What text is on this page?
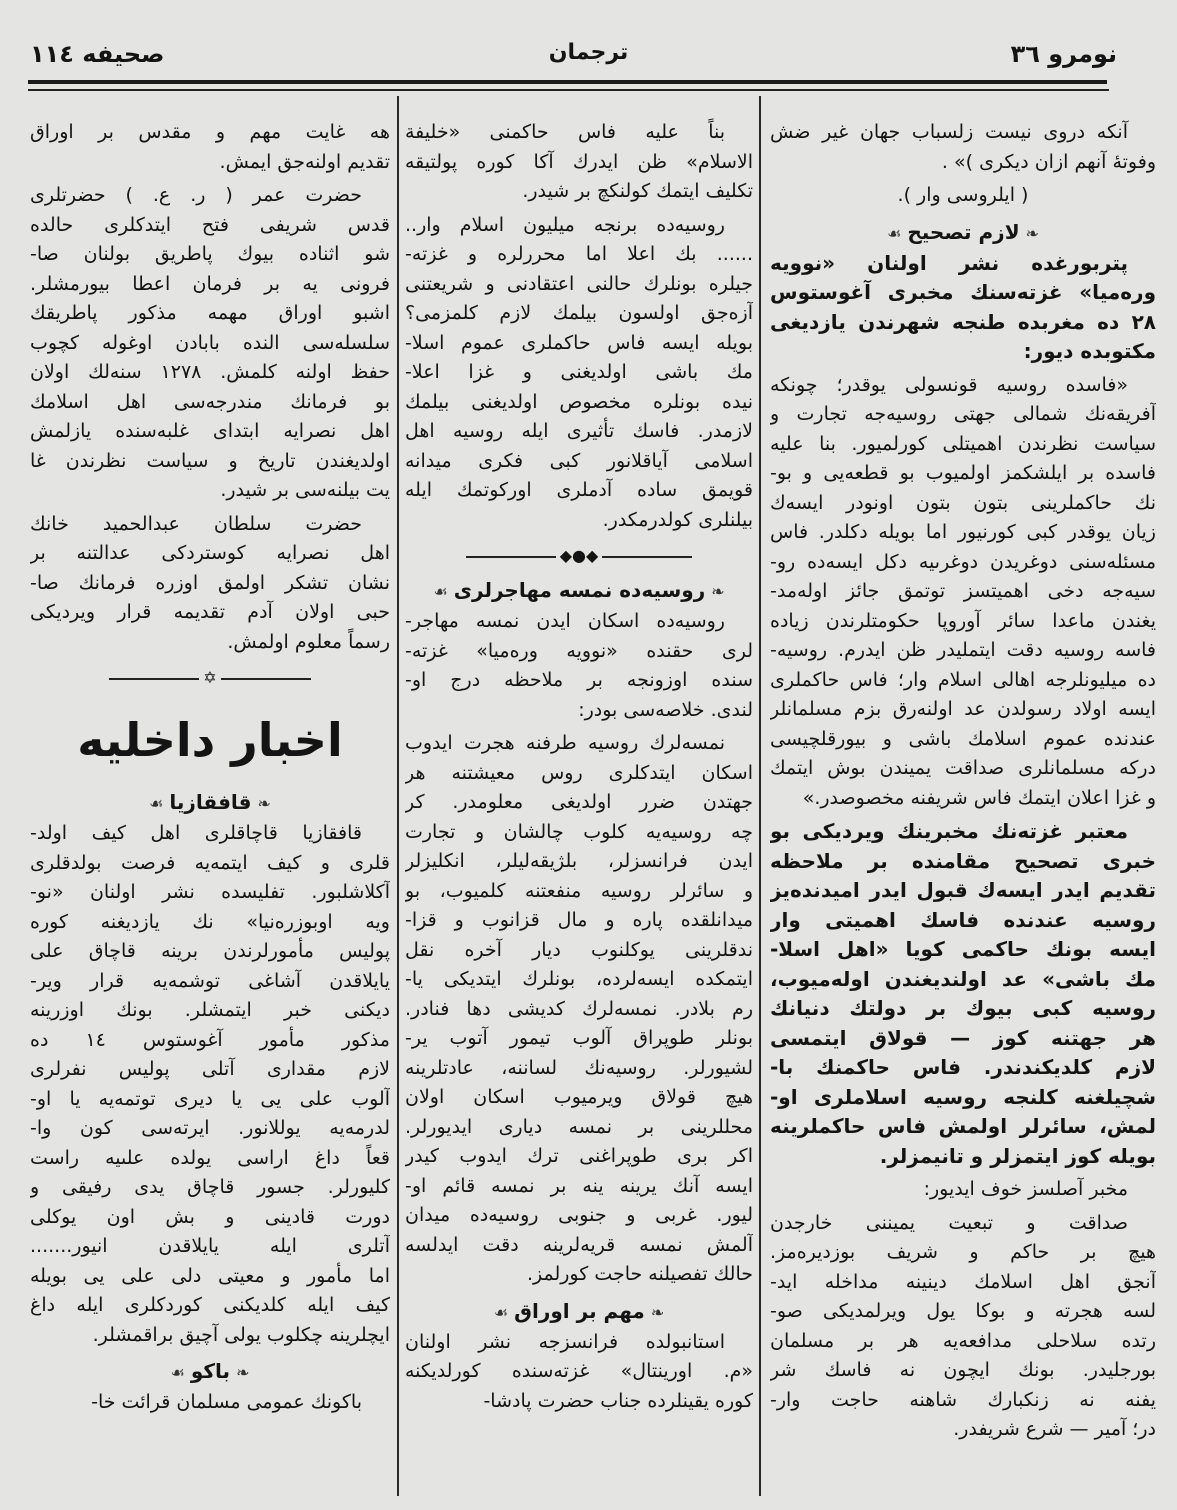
نومرو ٣٦
ترجمان
صحيفه ١١٤
آنكه دروى نيست زلسباب جهان غير ضش
وفوتۀ آنهم ازان ديكرى )» .
( ايلروسى وار ).
❧لازم تصحيح☙
پتربورغده نشر اولنان «نوويه
ورەميا» غزتەسنك مخبرى آغوستوس
٢٨ ده مغربده طنجه شهرندن يازديغى
مكتوبده ديور:
«فاسده روسيه قونسولى يوقدر؛ چونكه
آفريقەنك شمالى جهتى روسيەجه تجارت و
سياست نظرندن اهميتلى كورلميور. بنا عليه
فاسده بر ايلشكمز اولميوب بو قطعەيى و بو-
نك حاكملرينى بتون بتون اونودر ايسەك
زيان يوقدر كبى كورنيور اما بويله دكلدر. فاس
مسئلەسنى دوغريدن دوغرىيه دكل ايسەده رو-
سيەجه دخى اهميتسز توتمق جائز اولەمد-
يغندن ماعدا سائر آوروپا حكومتلرندن زيادە
فاسه روسيه دقت ايتمليدر ظن ايدرم. روسيە-
ده ميليونلرجه اهالى اسلام وار؛ فاس حاكملرى
ايسه اولاد رسولدن عد اولنەرق بزم مسلمانلر
عندنده عموم اسلامك باشى و بيورقلچيسى
دركه مسلمانلرى صداقت يميندن بوش ايتمك
و غزا اعلان ايتمك فاس شريفنه مخصوصدر.»
معتبر غزتەنك مخبرينك ويرديكى بو
خبرى تصحيح مقامنده بر ملاحظه
تقديم ايدر ايسەك قبول ايدر اميدندەيز
روسيه عندنده فاسك اهميتى وار
ايسه بونك حاكمى كويا «اهل اسلا-
مك باشى» عد اولنديغندن اولەميوب،
روسيه كبى بيوك بر دولتك دنيانك
هر جهتنه كوز — قولاق ايتمسى
لازم كلديكندندر. فاس حاكمنك با-
شچيلغنه كلنجه روسيه اسلاملرى او-
لمش، سائرلر اولمش فاس حاكملرينه
بويله كوز ايتمزلر و تانيمزلر.
مخبر آصلسز خوف ايديور:
صداقت و تبعيت يميننى خارجدن
هيچ بر حاكم و شريف بوزديرەمز.
آنجق اهل اسلامك دينينه مداخله ايد-
لسه هجرته و بوكا يول ويرلمديكى صو-
رتده سلاحلى مدافعەيه هر بر مسلمان
بورجليدر. بونك ايچون نه فاسك شر
يفنه نه زنكبارك شاهنه حاجت وار-
در؛ آمير — شرع شريفدر.
بناً عليه فاس حاكمنى «خليفة
الاسلام» ظن ايدرك آكا كوره پولتيقه
تكليف ايتمك كولنكچ بر شيدر.
روسيەده برنجه ميليون اسلام وار..
...... بك اعلا اما محررلره و غزتە-
جيلره بونلرك حالنى اعتقادنى و شريعتنى
آزەجق اولسون بيلمك لازم كلمزمى؟
بويله ايسه فاس حاكملرى عموم اسلا-
مك باشى اولديغنى و غزا اعلا-
نيده بونلره مخصوص اولديغنى بيلمك
لازمدر. فاسك تأثيرى ايله روسيه اهل
اسلامى آياقلانور كبى فكرى ميدانه
قويمق ساده آدملرى اوركوتمك ايله
بيلنلرى كولدرمكدر.
◆●◆
❧روسيەده نمسه مهاجرلرى☙
روسيەده اسكان ايدن نمسه مهاجر-
لرى حقنده «نوويه ورەميا» غزتە-
سنده اوزونجه بر ملاحظه درج او-
لندى. خلاصەسى بودر:
نمسەلرك روسيه طرفنه هجرت ايدوب
اسكان ايتدكلرى روس معيشتنه هر
جهتدن ضرر اولديغى معلومدر. كر
چه روسيەيه كلوب چالشان و تجارت
ايدن فرانسزلر، بلژيقەليلر، انكليزلر
و سائرلر روسيه منفعتنه كلميوب، بو
ميدانلقده پاره و مال قزانوب و قزا-
ندقلرينى يوكلنوب ديار آخره نقل
ايتمكده ايسەلرده، بونلرك ايتديكى يا-
رم بلادر. نمسەلرك كديشى دها فنادر.
بونلر طوپراق آلوب تيمور آتوب ير-
لشيورلر. روسيەنك لساننه، عادتلرينه
هيچ قولاق ويرميوب اسكان اولان
محللرينى بر نمسه ديارى ايديورلر.
اكر برى طوپراغنى ترك ايدوب كيدر
ايسه آنك يرينه ينه بر نمسه قائم او-
ليور. غربى و جنوبى روسيەده ميدان
آلمش نمسه قريەلرينه دقت ايدلسه
حالك تفصيلنه حاجت كورلمز.
❧مهم بر اوراق☙
استانبولده فرانسزجه نشر اولنان
«م. اورينتال» غزتەسنده كورلديكنه
كوره يقينلرده جناب حضرت پادشا-
هه غايت مهم و مقدس بر اوراق
تقديم اولنەجق ايمش.
حضرت عمر ( ر. ع. ) حضرتلرى
قدس شريفى فتح ايتدكلرى حالده
شو اثناده بيوك پاطريق بولنان صا-
فرونى يه بر فرمان اعطا بيورمشلر.
اشبو اوراق مهمه مذكور پاطريقك
سلسلەسى النده بابادن اوغوله كچوب
حفظ اولنه كلمش. ١٢٧٨ سنەلك اولان
بو فرمانك مندرجەسى اهل اسلامك
اهل نصرايه ابتداى غلبەسنده يازلمش
اولديغندن تاريخ و سياست نظرندن غا
يت بيلنەسى بر شيدر.
حضرت سلطان عبدالحميد خانك
اهل نصرايه كوستردكى عدالتنه بر
نشان تشكر اولمق اوزره فرمانك صا-
حبى اولان آدم تقديمه قرار ويرديكى
رسماً معلوم اولمش.
✡
اخبار داخليه
❧قافقازيا☙
قافقازيا قاچاقلرى اهل كيف اولد-
قلرى و كيف ايتمەيه فرصت بولدقلرى
آكلاشلبور. تفليسده نشر اولنان «نو-
ويه اوبوزرەنيا» نك يازديغنه كوره
پوليس مأمورلرندن برينه قاچاق على
يايلاقدن آشاغى توشمەيه قرار وير-
ديكنى خبر ايتمشلر. بونك اوزرينه
مذكور مأمور آغوستوس ١٤ ده
لازم مقدارى آتلى پوليس نفرلرى
آلوب على يى يا ديرى توتمەيه يا او-
لدرمەيه يوللانور. ايرتەسى كون وا-
قعاً داغ اراسى يولده علىيه راست
كليورلر. جسور قاچاق يدى رفيقى و
دورت قادينى و بش اون يوكلى
آتلرى ايله يايلاقدن انيور.......
اما مأمور و معيتى دلى على يى بويله
كيف ايله كلديكنى كوردكلرى ايله داغ
ايچلرينه چكلوب يولى آچيق براقمشلر.
❧باكو☙
باكونك عمومى مسلمان قرائت خا-
